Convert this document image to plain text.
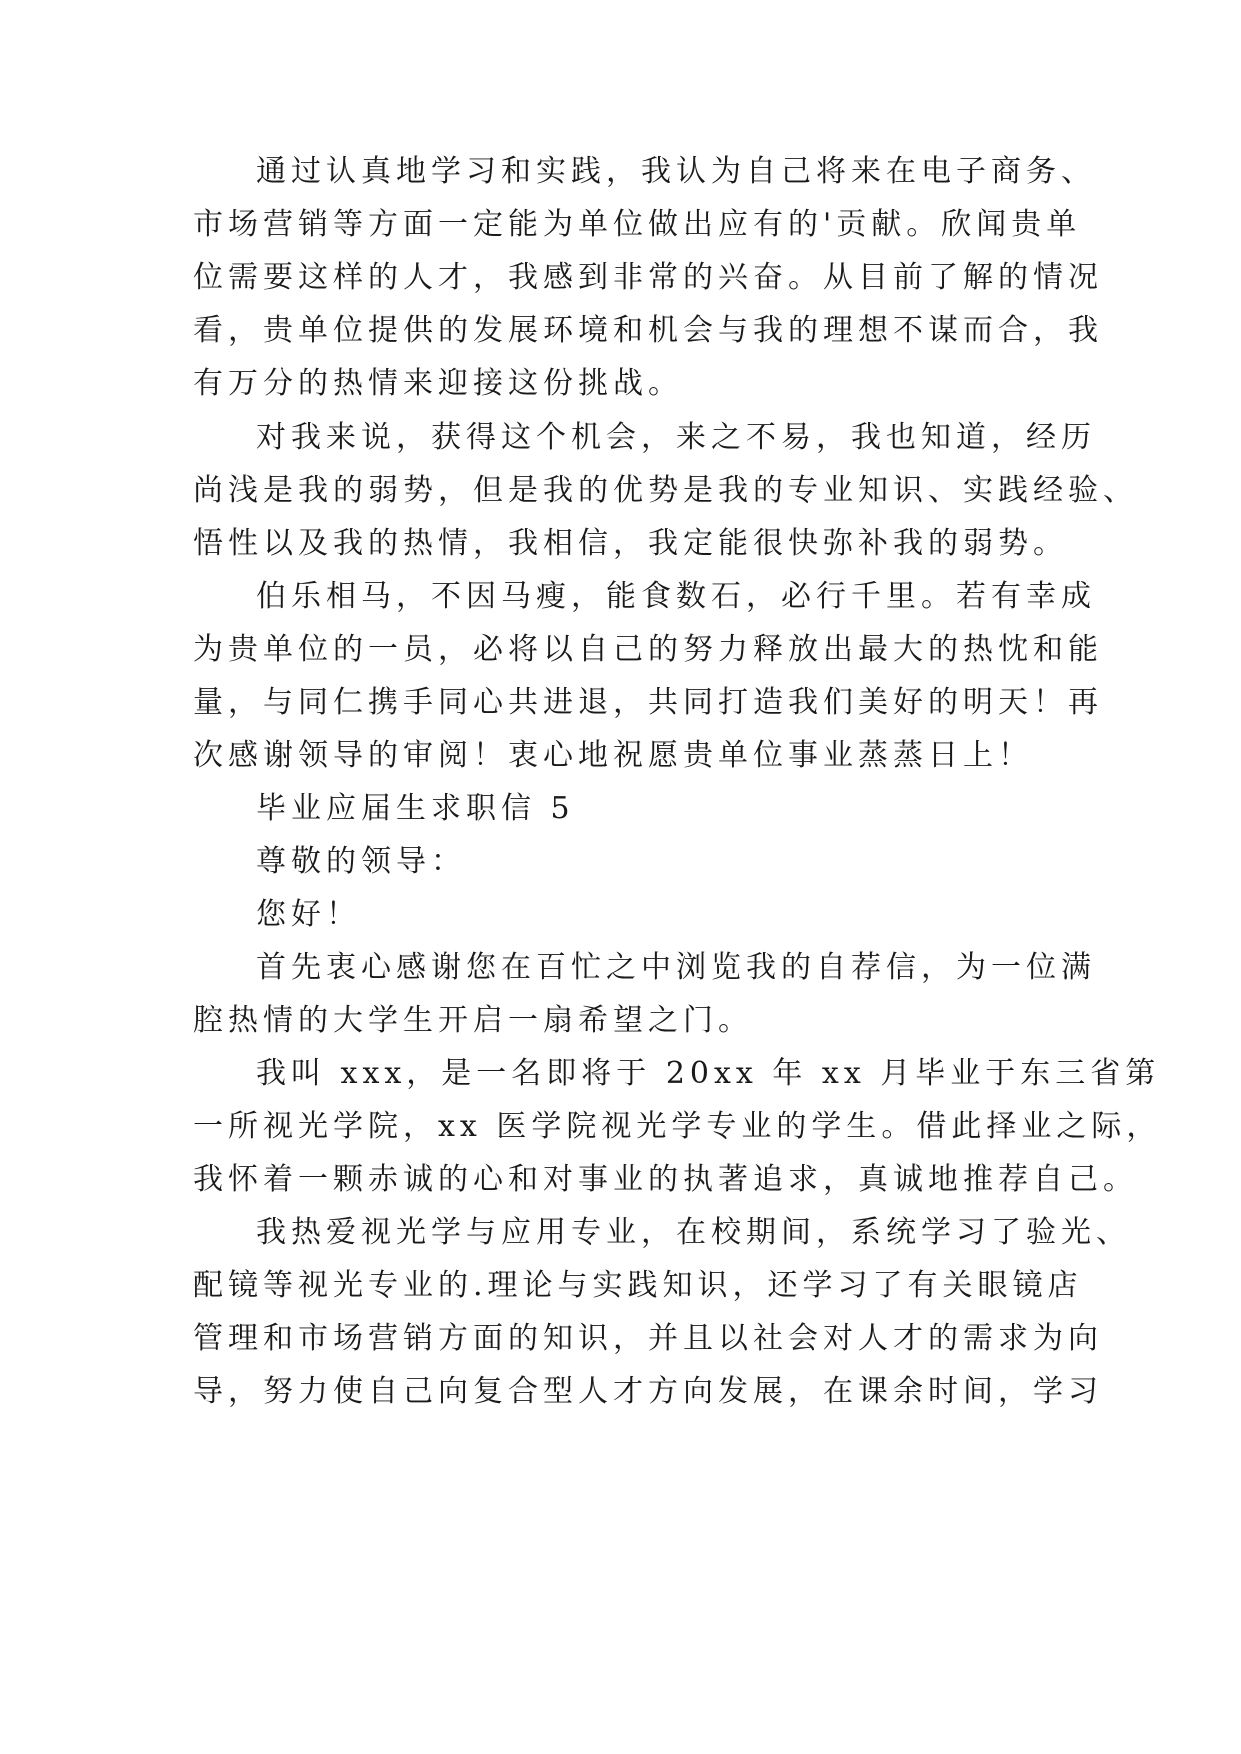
通过认真地学习和实践，我认为自己将来在电子商务、

市场营销等方面一定能为单位做出应有的'贡献。欣闻贵单

位需要这样的人才，我感到非常的兴奋。从目前了解的情况

看，贵单位提供的发展环境和机会与我的理想不谋而合，我

有万分的热情来迎接这份挑战。

对我来说，获得这个机会，来之不易，我也知道，经历

尚浅是我的弱势，但是我的优势是我的专业知识、实践经验、

悟性以及我的热情，我相信，我定能很快弥补我的弱势。

伯乐相马，不因马瘦，能食数石，必行千里。若有幸成

为贵单位的一员，必将以自己的努力释放出最大的热忱和能

量，与同仁携手同心共进退，共同打造我们美好的明天！再

次感谢领导的审阅！衷心地祝愿贵单位事业蒸蒸日上！

毕业应届生求职信 5

尊敬的领导：

您好！

首先衷心感谢您在百忙之中浏览我的自荐信，为一位满

腔热情的大学生开启一扇希望之门。

我叫 xxx，是一名即将于 20xx 年 xx 月毕业于东三省第

一所视光学院，xx 医学院视光学专业的学生。借此择业之际，

我怀着一颗赤诚的心和对事业的执著追求，真诚地推荐自己。

我热爱视光学与应用专业，在校期间，系统学习了验光、

配镜等视光专业的.理论与实践知识，还学习了有关眼镜店

管理和市场营销方面的知识，并且以社会对人才的需求为向

导，努力使自己向复合型人才方向发展，在课余时间，学习
